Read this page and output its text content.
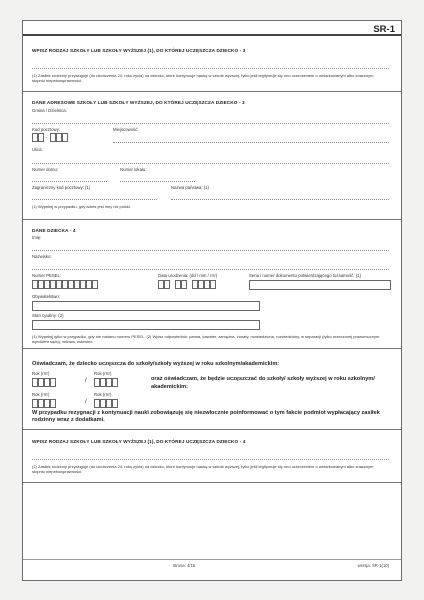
SR-1
WPISZ RODZAJ SZKOŁY LUB SZKOŁY WYŻSZEJ (1), DO KTÓREJ UCZĘSZCZA DZIECKO - 3
(1) Zasiłek rodzinny przysługuje (do ukończenia 24. roku życia) na dziecko, które kontynuuje naukę w szkole wyższej, tylko jeśli legitymuje się ono orzeczeniem o umiarkowanym albo znacznym stopniu niepełnosprawności.
DANE ADRESOWE SZKOŁY LUB SZKOŁY WYŻSZEJ, DO KTÓREJ UCZĘSZCZA DZIECKO - 3
Gmina / Dzielnica:
Kod pocztowy:
-
Miejscowość:
Ulica:
Numer domu:	Numer lokalu:
Zagraniczny kod pocztowy: (1)	Nazwa państwa: (1)
(1) Wypełnij w przypadku, gdy adres jest inny niż polski.
DANE DZIECKA - 4
Imię:
Nazwisko:
Numer PESEL:	Data urodzenia: (dd / mm / rrrr)	Seria i numer dokumentu potwierdzającego tożsamość: (1)
Obywatelstwo:
Stan cywilny: (2)
(1) Wypełnij tylko w przypadku, gdy nie nadano numeru PESEL. (2) Wpisz odpowiednio: panna, kawaler, zamężna, żonaty, rozwiedziona, rozwiedziony, w separacji (tylko orzeczonej prawomocnym wyrokiem sądu), wdowa, wdowiec.
Oświadczam, że dziecko uczęszcza do szkoły/szkoły wyższej w roku szkolnym/akademickim:
Rok (rrrr)	Rok (rrrr)
/	oraz oświadczam, że będzie uczęszczać do szkoły/ szkoły wyższej w roku szkolnym/
akademickim:
Rok (rrrr)	Rok (rrrr)
/
W przypadku rezygnacji z kontynuacji nauki zobowiązuję się niezwłocznie poinformować o tym fakcie podmiot wypłacający zasiłek rodzinny wraz z dodatkami.
WPISZ RODZAJ SZKOŁY LUB SZKOŁY WYŻSZEJ (1), DO KTÓREJ UCZĘSZCZA DZIECKO - 4
(1) Zasiłek rodzinny przysługuje (do ukończenia 24. roku życia) na dziecko, które kontynuuje naukę w szkole wyższej, tylko jeśli legitymuje się ono orzeczeniem o umiarkowanym albo znacznym stopniu niepełnosprawności.
strona: 4/15	wersja: SR-1(10)
